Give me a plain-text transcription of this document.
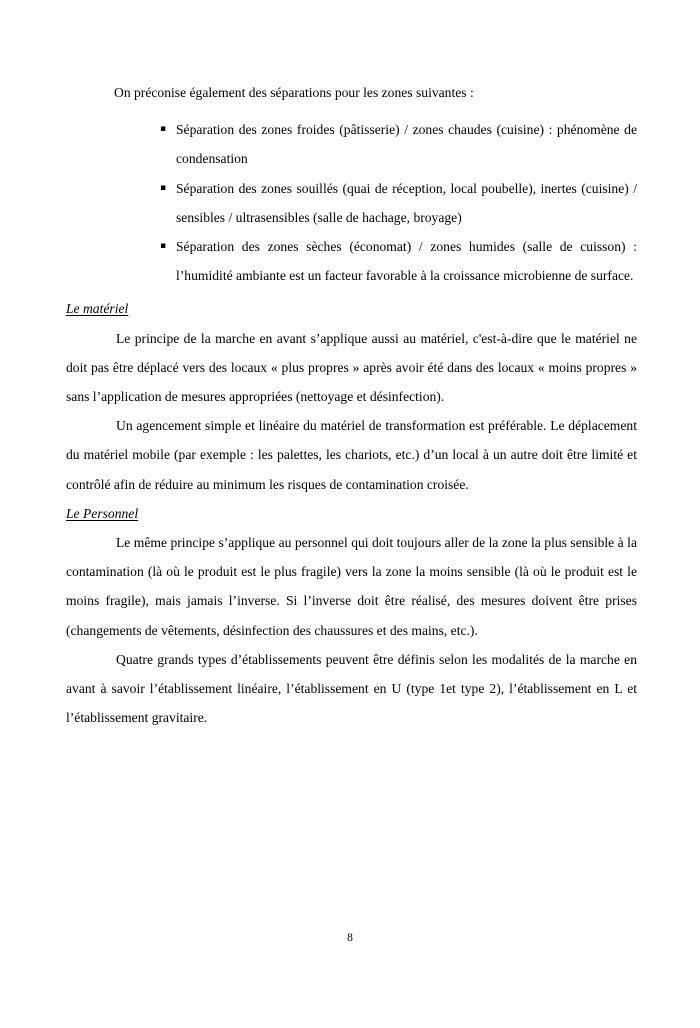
On préconise également des séparations pour les zones suivantes :

▪ Séparation des zones froides (pâtisserie) / zones chaudes (cuisine) : phénomène de condensation
▪ Séparation des zones souillés (quai de réception, local poubelle), inertes (cuisine) / sensibles / ultrasensibles (salle de hachage, broyage)
▪ Séparation des zones sèches (économat) / zones humides (salle de cuisson) : l’humidité ambiante est un facteur favorable à la croissance microbienne de surface.

Le matériel

Le principe de la marche en avant s’applique aussi au matériel, c'est-à-dire que le matériel ne doit pas être déplacé vers des locaux « plus propres » après avoir été dans des locaux « moins propres » sans l’application de mesures appropriées (nettoyage et désinfection).

Un agencement simple et linéaire du matériel de transformation est préférable. Le déplacement du matériel mobile (par exemple : les palettes, les chariots, etc.) d’un local à un autre doit être limité et contrôlé afin de réduire au minimum les risques de contamination croisée.

Le Personnel

Le même principe s’applique au personnel qui doit toujours aller de la zone la plus sensible à la contamination (là où le produit est le plus fragile) vers la zone la moins sensible (là où le produit est le moins fragile), mais jamais l’inverse. Si l’inverse doit être réalisé, des mesures doivent être prises (changements de vêtements, désinfection des chaussures et des mains, etc.).

Quatre grands types d’établissements peuvent être définis selon les modalités de la marche en avant à savoir l’établissement linéaire, l’établissement en U (type 1et type 2), l’établissement en L et l’établissement gravitaire.

8
